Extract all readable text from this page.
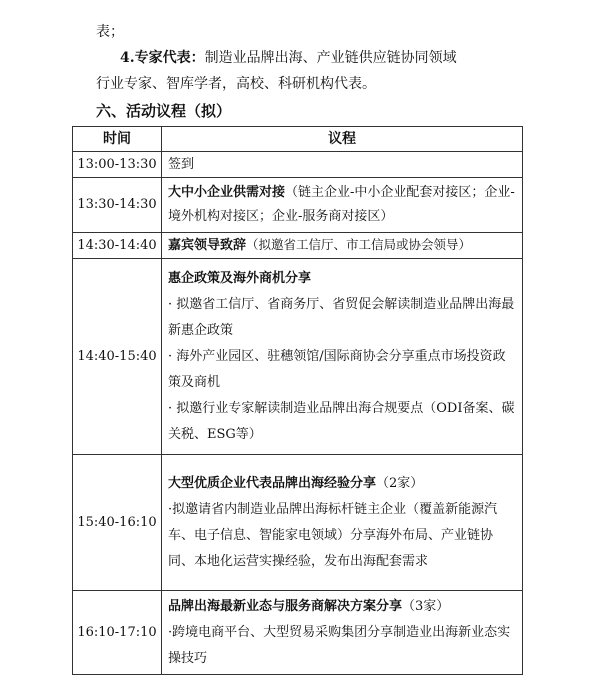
表；
4.专家代表：制造业品牌出海、产业链供应链协同领域
行业专家、智库学者，高校、科研机构代表。
六、活动议程（拟）
时间	议程
13:00-13:30	签到
13:30-14:30	大中小企业供需对接（链主企业-中小企业配套对接区；企业-境外机构对接区；企业-服务商对接区）
14:30-14:40	嘉宾领导致辞（拟邀省工信厅、市工信局或协会领导）
14:40-15:40	惠企政策及海外商机分享
· 拟邀省工信厅、省商务厅、省贸促会解读制造业品牌出海最新惠企政策
· 海外产业园区、驻穗领馆/国际商协会分享重点市场投资政策及商机
· 拟邀行业专家解读制造业品牌出海合规要点（ODI备案、碳关税、ESG等）

15:40-16:10	大型优质企业代表品牌出海经验分享（2家）
·拟邀请省内制造业品牌出海标杆链主企业（覆盖新能源汽车、电子信息、智能家电领域）分享海外布局、产业链协同、本地化运营实操经验，发布出海配套需求

16:10-17:10	品牌出海最新业态与服务商解决方案分享（3家）
·跨境电商平台、大型贸易采购集团分享制造业出海新业态实操技巧
